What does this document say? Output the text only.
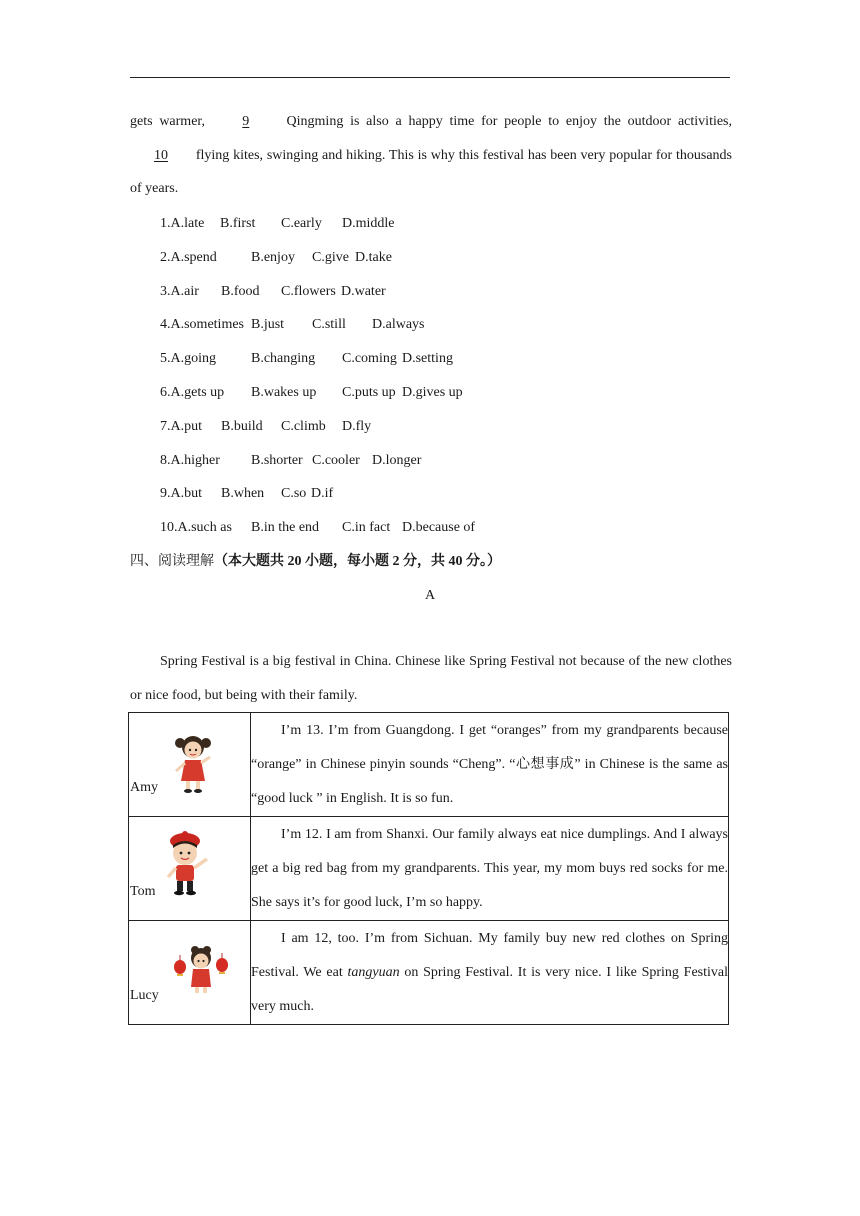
gets warmer,	9	Qingming is also a happy time for people to enjoy the outdoor activities, 10 flying kites, swinging and hiking. This is why this festival has been very popular for thousands of years.

1.A.late B.first C.early D.middle
2.A.spend B.enjoy C.give D.take
3.A.air B.food C.flowers D.water
4.A.sometimes B.just C.still D.always
5.A.going	B.changing C.coming D.setting
6.A.gets up B.wakes up C.puts up D.gives up
7.A.put B.build C.climb D.fly
8.A.higher B.shorter C.cooler D.longer
9.A.but B.when C.so D.if
10.A.such as B.in the end C.in fact D.because of
四、阅读理解（本大题共 20 小题，每小题 2 分，共 40 分。）
A

Spring Festival is a big festival in China. Chinese like Spring Festival not because of the new clothes or nice food, but being with their family.

Amy	I’m 13. I’m from Guangdong. I get “oranges” from my grandparents because “orange” in Chinese pinyin sounds “Cheng”. “心想事成” in Chinese is the same as “good luck ” in English. It is so fun.

Tom	I’m 12. I am from Shanxi. Our family always eat nice dumplings. And I always get a big red bag from my grandparents. This year, my mom buys red socks for me. She says it’s for good luck, I’m so happy.

Lucy	I am 12, too. I’m from Sichuan. My family buy new red clothes on Spring Festival. We eat tangyuan on Spring Festival. It is very nice. I like Spring Festival very much.
